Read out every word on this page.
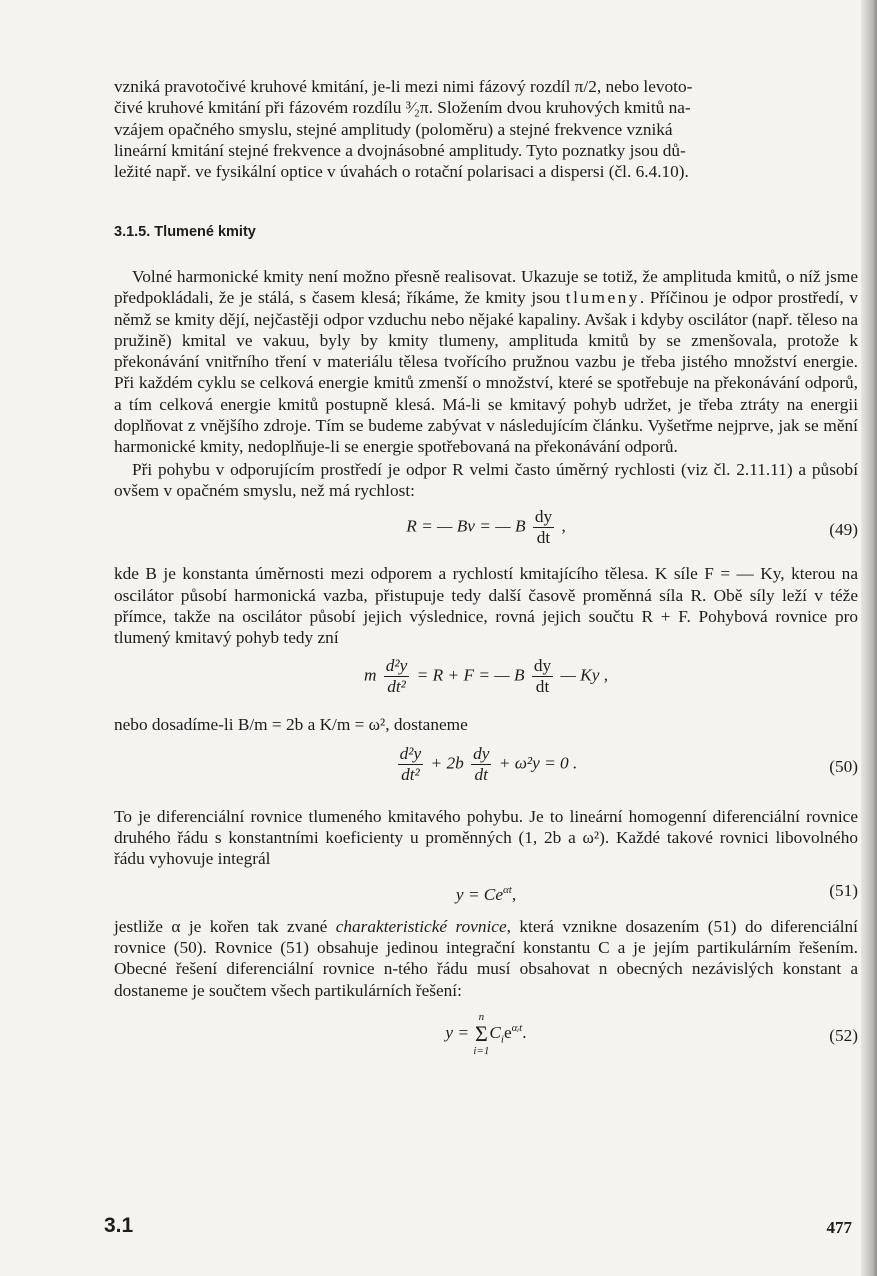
vzniká pravotočivé kruhové kmitání, je-li mezi nimi fázový rozdíl π/2, nebo levoto-
čivé kruhové kmitání při fázovém rozdílu ³⁄₂π. Složením dvou kruhových kmitů na-
vzájem opačného smyslu, stejné amplitudy (poloměru) a stejné frekvence vzniká
lineární kmitání stejné frekvence a dvojnásobné amplitudy. Tyto poznatky jsou dů-
ležité např. ve fysikální optice v úvahách o rotační polarisaci a dispersi (čl. 6.4.10).
3.1.5. Tlumené kmity

Volné harmonické kmity není možno přesně realisovat. Ukazuje se totiž, že amplituda kmitů, o níž jsme předpokládali, že je stálá, s časem klesá; říkáme, že kmity jsou tlumeny. Příčinou je odpor prostředí, v němž se kmity dějí, nejčastěji odpor vzduchu nebo nějaké kapaliny. Avšak i kdyby oscilátor (např. těleso na pružině) kmital ve vakuu, byly by kmity tlumeny, amplituda kmitů by se zmenšovala, protože k překonávání vnitřního tření v materiálu tělesa tvořícího pružnou vazbu je třeba jistého množství energie. Při každém cyklu se celková energie kmitů zmenší o množství, které se spotřebuje na překonávání odporů, a tím celková energie kmitů postupně klesá. Má-li se kmitavý pohyb udržet, je třeba ztráty na energii doplňovat z vnějšího zdroje. Tím se budeme zabývat v následujícím článku. Vyšetřme nejprve, jak se mění harmonické kmity, nedoplňuje-li se energie spotřebovaná na překonávání odporů.

Při pohybu v odporujícím prostředí je odpor R velmi často úměrný rychlosti (viz čl. 2.11.11) a působí ovšem v opačném smyslu, než má rychlost:

R = — Bv = — B $\frac{dy}{dt}$ ,	(49)

kde B je konstanta úměrnosti mezi odporem a rychlostí kmitajícího tělesa. K síle F = — Ky, kterou na oscilátor působí harmonická vazba, přistupuje tedy další časově proměnná síla R. Obě síly leží v téže přímce, takže na oscilátor působí jejich výslednice, rovná jejich součtu R + F. Pohybová rovnice pro tlumený kmitavý pohyb tedy zní

m $\frac{\text{d²y}}{\text{dt²}} = R + F$ = — B $\frac{dy}{dt}$ — Ky ,

nebo dosadíme-li B/m = 2b a K/m = ω², dostaneme

$\frac{\text{d²y}}{\text{dt²}} + 2b \frac{dy}{dt} + \omega^2y = 0$ .	(50)

To je diferenciální rovnice tlumeného kmitavého pohybu. Je to lineární homogenní diferenciální rovnice druhého řádu s konstantními koeficienty u proměnných (1, 2b a ω²). Každé takové rovnici libovolného řádu vyhovuje integrál

$y = Ce^{\alpha t}$,	(51)

jestliže α je kořen tak zvané charakteristické rovnice, která vznikne dosazením (51) do diferenciální rovnice (50). Rovnice (51) obsahuje jedinou integrační konstantu C a je jejím partikulárním řešením. Obecné řešení diferenciální rovnice n-tého řádu musí obsahovat n obecných nezávislých konstant a dostaneme je součtem všech partikulárních řešení:

y =
n
Σ
i=1
$C_ie^{\alpha ᵢt}$.	(52)
3.1	477
